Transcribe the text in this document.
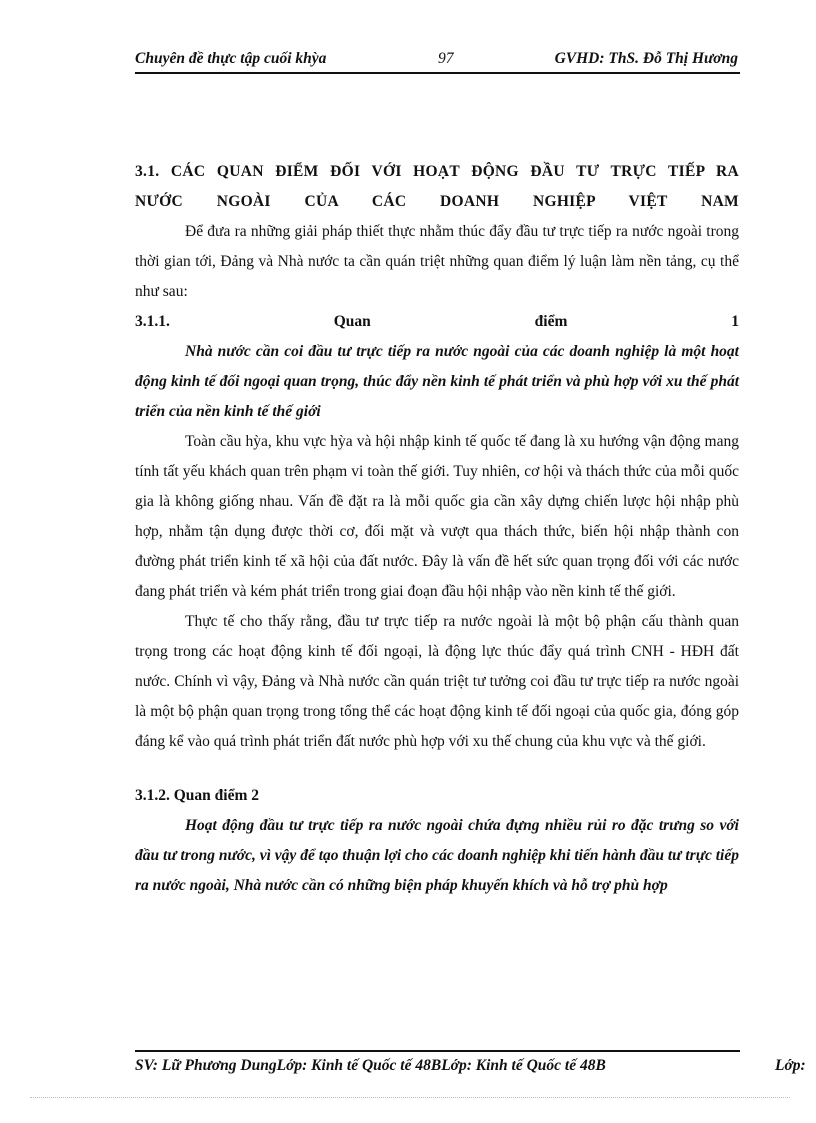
Chuyên đề thực tập cuối khỳa	97	GVHD: ThS. Đỗ Thị Hương

3.1. CÁC QUAN ĐIỂM ĐỐI VỚI HOẠT ĐỘNG ĐẦU TƯ TRỰC TIẾP RA

NƯỚC NGOÀI CỦA CÁC DOANH NGHIỆP VIỆT NAM

Để đưa ra những giải pháp thiết thực nhằm thúc đẩy đầu tư trực tiếp ra nước ngoài trong thời gian tới, Đảng và Nhà nước ta cần quán triệt những quan điểm lý luận làm nền tảng, cụ thể như sau:

3.1.1.                    Quan                    điểm                    1

Nhà nước cần coi đầu tư trực tiếp ra nước ngoài của các doanh nghiệp là một hoạt động kinh tế đối ngoại quan trọng, thúc đẩy nền kinh tế phát triển và phù hợp với xu thế phát triển của nền kinh tế thế giới

Toàn cầu hỳa, khu vực hỳa và hội nhập kinh tế quốc tế đang là xu hướng vận động mang tính tất yếu khách quan trên phạm vi toàn thế giới. Tuy nhiên, cơ hội và thách thức của mỗi quốc gia là không giống nhau. Vấn đề đặt ra là mỗi quốc gia cần xây dựng chiến lược hội nhập phù hợp, nhằm tận dụng được thời cơ, đối mặt và vượt qua thách thức, biến hội nhập thành con đường phát triển kinh tế xã hội của đất nước. Đây là vấn đề hết sức quan trọng đối với các nước đang phát triển và kém phát triển trong giai đoạn đầu hội nhập vào nền kinh tế thế giới.

Thực tế cho thấy rằng, đầu tư trực tiếp ra nước ngoài là một bộ phận cấu thành quan trọng trong các hoạt động kinh tế đối ngoại, là động lực thúc đẩy quá trình CNH - HĐH đất nước. Chính vì vậy, Đảng và Nhà nước cần quán triệt tư tưởng coi đầu tư trực tiếp ra nước ngoài là một bộ phận quan trọng trong tổng thể các hoạt động kinh tế đối ngoại của quốc gia, đóng góp đáng kể vào quá trình phát triển đất nước phù hợp với xu thế chung của khu vực và thế giới.

3.1.2. Quan điểm 2

Hoạt động đầu tư trực tiếp ra nước ngoài chứa đựng nhiều rủi ro đặc trưng so với đầu tư trong nước, vì vậy để tạo thuận lợi cho các doanh nghiệp khi tiến hành đầu tư trực tiếp ra nước ngoài, Nhà nước cần có những biện pháp khuyến khích và hỗ trợ phù hợp

SV: Lữ Phương DungLớp: Kinh tế Quốc tế 48BLớp: Kinh tế Quốc tế 48B	Lớp:
